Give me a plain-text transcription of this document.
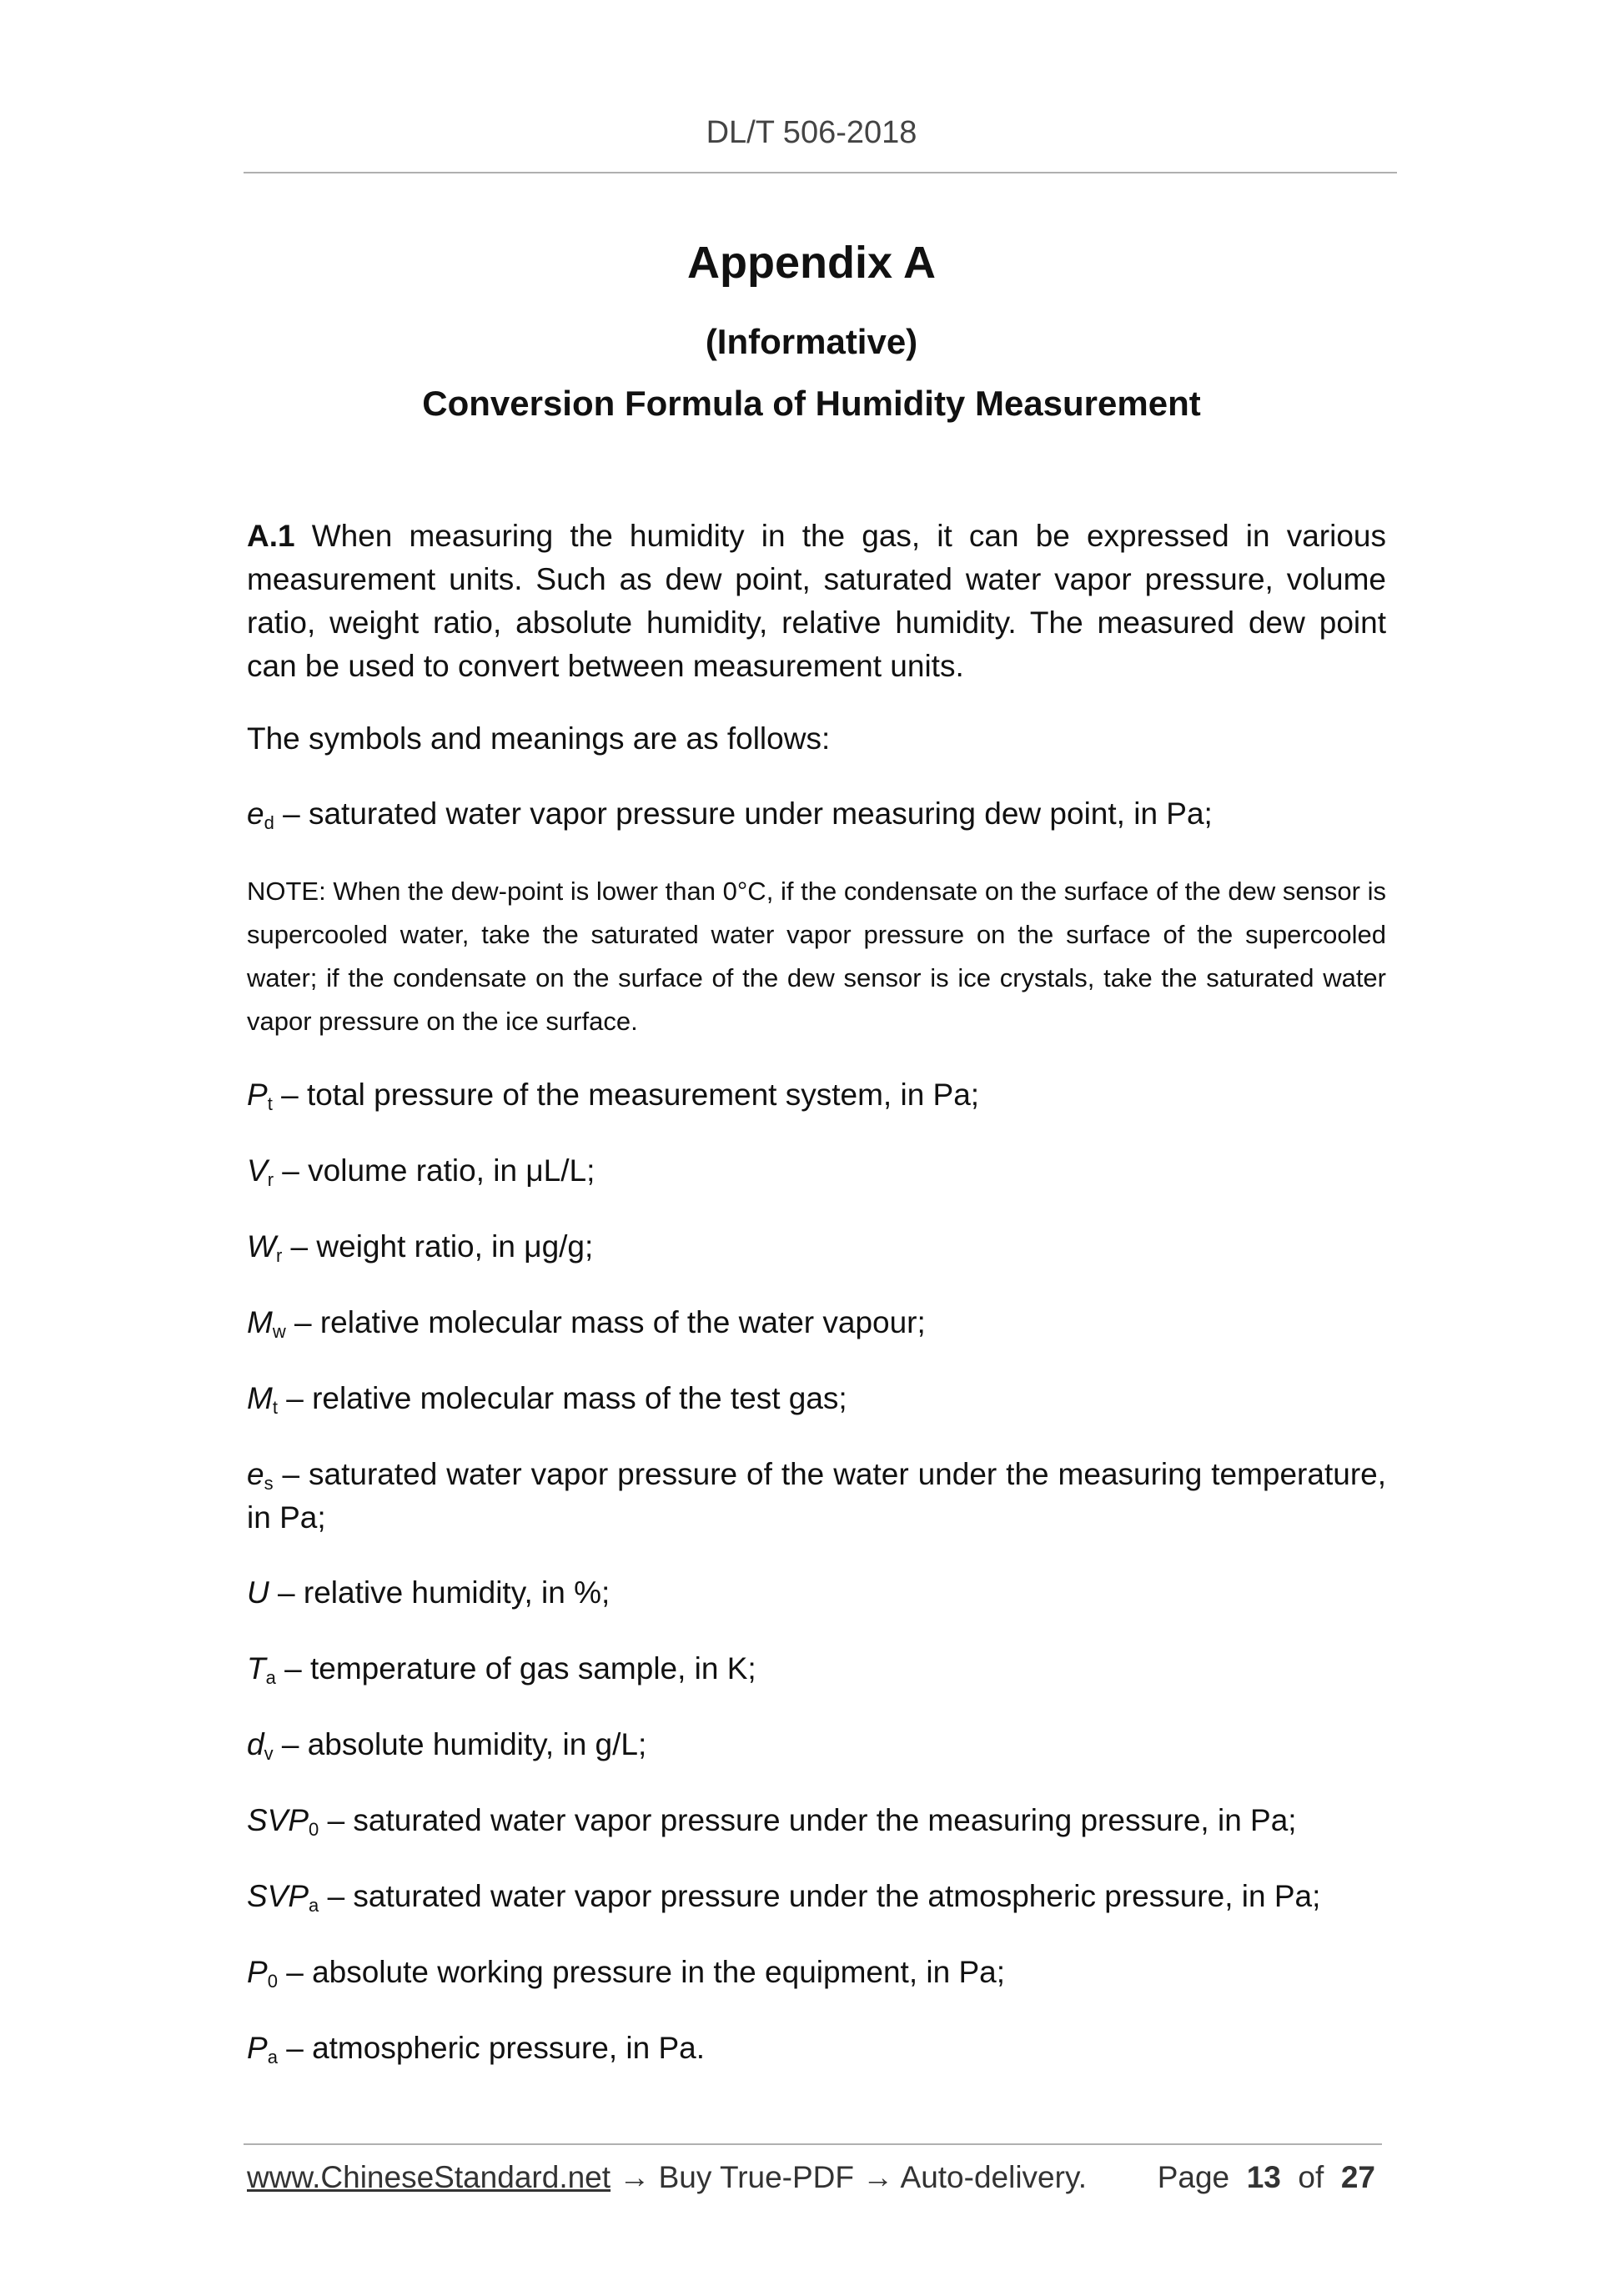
DL/T 506-2018
Appendix A
(Informative)
Conversion Formula of Humidity Measurement
A.1 When measuring the humidity in the gas, it can be expressed in various measurement units. Such as dew point, saturated water vapor pressure, volume ratio, weight ratio, absolute humidity, relative humidity. The measured dew point can be used to convert between measurement units.
The symbols and meanings are as follows:
$e_d$ – saturated water vapor pressure under measuring dew point, in Pa;
NOTE: When the dew-point is lower than 0°C, if the condensate on the surface of the dew sensor is supercooled water, take the saturated water vapor pressure on the surface of the supercooled water; if the condensate on the surface of the dew sensor is ice crystals, take the saturated water vapor pressure on the ice surface.
$P_t$ – total pressure of the measurement system, in Pa;
$V_r$ – volume ratio, in μL/L;
$W_r$ – weight ratio, in μg/g;
$M_w$ – relative molecular mass of the water vapour;
$M_t$ – relative molecular mass of the test gas;
$e_s$ – saturated water vapor pressure of the water under the measuring temperature, in Pa;
U – relative humidity, in %;
$T_a$ – temperature of gas sample, in K;
$d_v$ – absolute humidity, in g/L;
$SVP_0$ – saturated water vapor pressure under the measuring pressure, in Pa;
$SVP_a$ – saturated water vapor pressure under the atmospheric pressure, in Pa;
$P_0$ – absolute working pressure in the equipment, in Pa;
$P_a$ – atmospheric pressure, in Pa.
www.ChineseStandard.net → Buy True-PDF → Auto-delivery. Page 13 of 27
